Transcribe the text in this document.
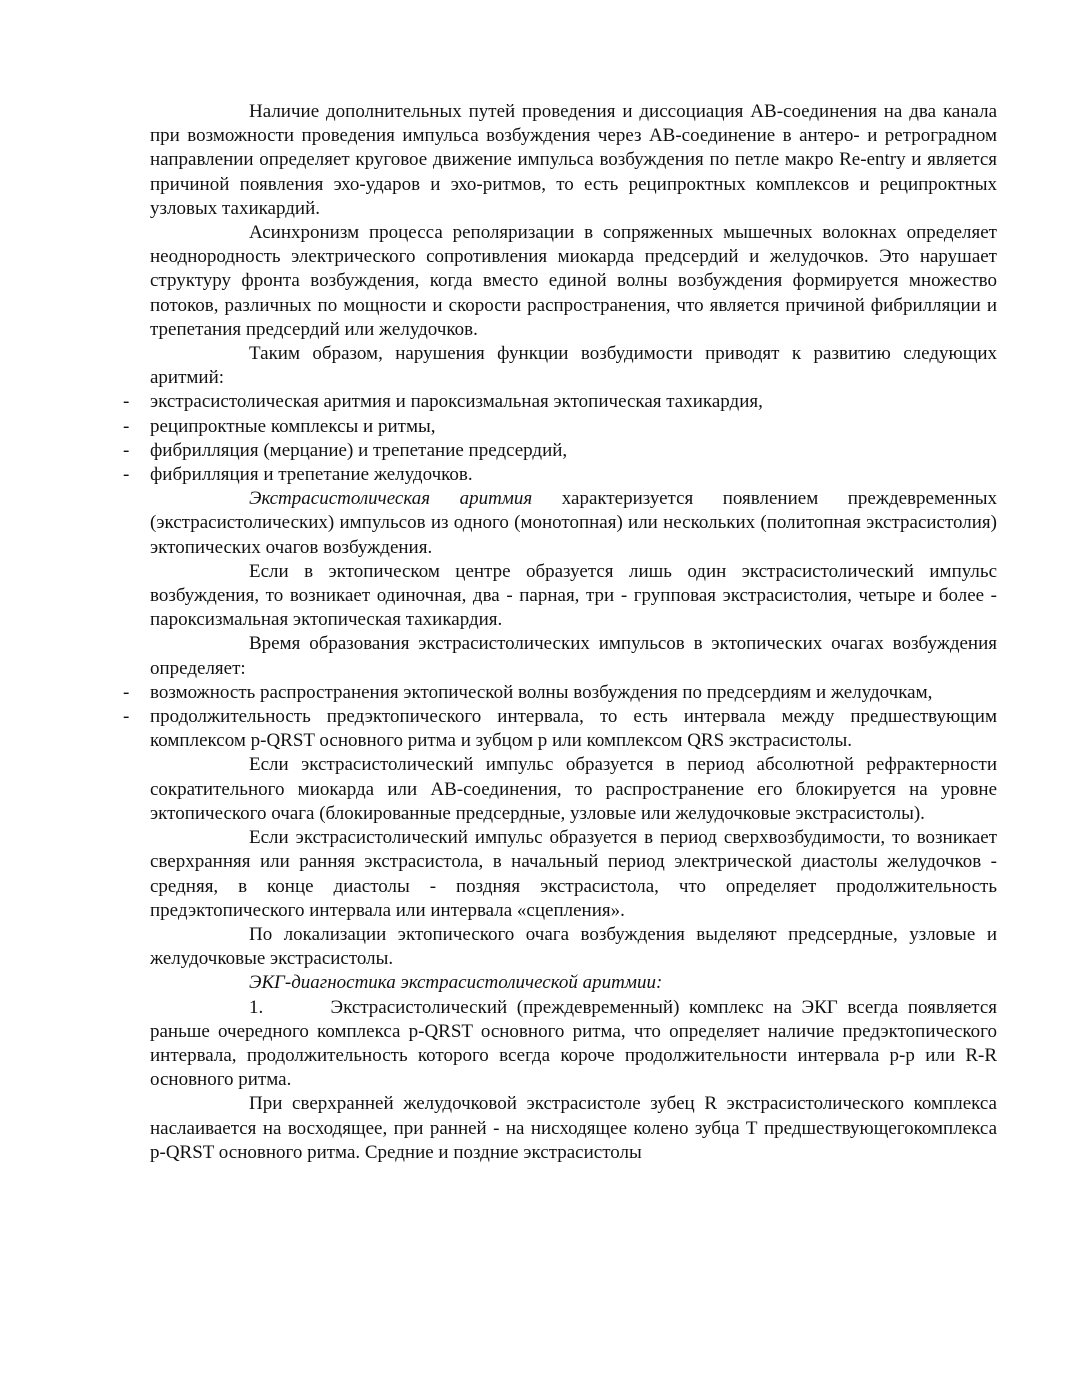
Наличие дополнительных путей проведения и диссоциация АВ-соединения на два канала при возможности проведения импульса возбуждения через АВ-соединение в антеро- и ретроградном направлении определяет круговое движение импульса возбуждения по петле макро Re-entry и является причиной появления эхо-ударов и эхо-ритмов, то есть реципроктных комплексов и реципроктных узловых тахикардий.

Асинхронизм процесса реполяризации в сопряженных мышечных волокнах определяет неоднородность электрического сопротивления миокарда предсердий и желудочков. Это нарушает структуру фронта возбуждения, когда вместо единой волны возбуждения формируется множество потоков, различных по мощности и скорости распространения, что является причиной фибрилляции и трепетания предсердий или желудочков.

Таким образом, нарушения функции возбудимости приводят к развитию следующих аритмий:

- экстрасистолическая аритмия и пароксизмальная эктопическая тахикардия,
- реципроктные комплексы и ритмы,
- фибрилляция (мерцание) и трепетание предсердий,
- фибрилляция и трепетание желудочков.

Экстрасистолическая аритмия характеризуется появлением преждевременных (экстрасистолических) импульсов из одного (монотопная) или нескольких (политопная экстрасистолия) эктопических очагов возбуждения.

Если в эктопическом центре образуется лишь один экстрасистолический импульс возбуждения, то возникает одиночная, два - парная, три - групповая экстрасистолия, четыре и более - пароксизмальная эктопическая тахикардия.

Время образования экстрасистолических импульсов в эктопических очагах возбуждения определяет:

- возможность распространения эктопической волны возбуждения по предсердиям и желудочкам,
- продолжительность предэктопического интервала, то есть интервала между предшествующим комплексом p-QRST основного ритма и зубцом р или комплексом QRS экстрасистолы.

Если экстрасистолический импульс образуется в период абсолютной рефрактерности сократительного миокарда или АВ-соединения, то распространение его блокируется на уровне эктопического очага (блокированные предсердные, узловые или желудочковые экстрасистолы).

Если экстрасистолический импульс образуется в период сверхвозбудимости, то возникает сверхранняя или ранняя экстрасистола, в начальный период электрической диастолы желудочков - средняя, в конце диастолы - поздняя экстрасистола, что определяет продолжительность предэктопического интервала или интервала «сцепления».

По локализации эктопического очага возбуждения выделяют предсердные, узловые и желудочковые экстрасистолы.

ЭКГ-диагностика экстрасистолической аритмии:

1.       Экстрасистолический (преждевременный) комплекс на ЭКГ всегда появляется раньше очередного комплекса p-QRST основного ритма, что определяет наличие предэктопического интервала, продолжительность которого всегда короче продолжительности интервала р-р или R-R основного ритма.

При сверхранней желудочковой экстрасистоле зубец R экстрасистолического комплекса наслаивается на восходящее, при ранней - на нисходящее колено зубца Т предшествующегокомплекса p-QRST основного ритма. Средние и поздние экстрасистолы
